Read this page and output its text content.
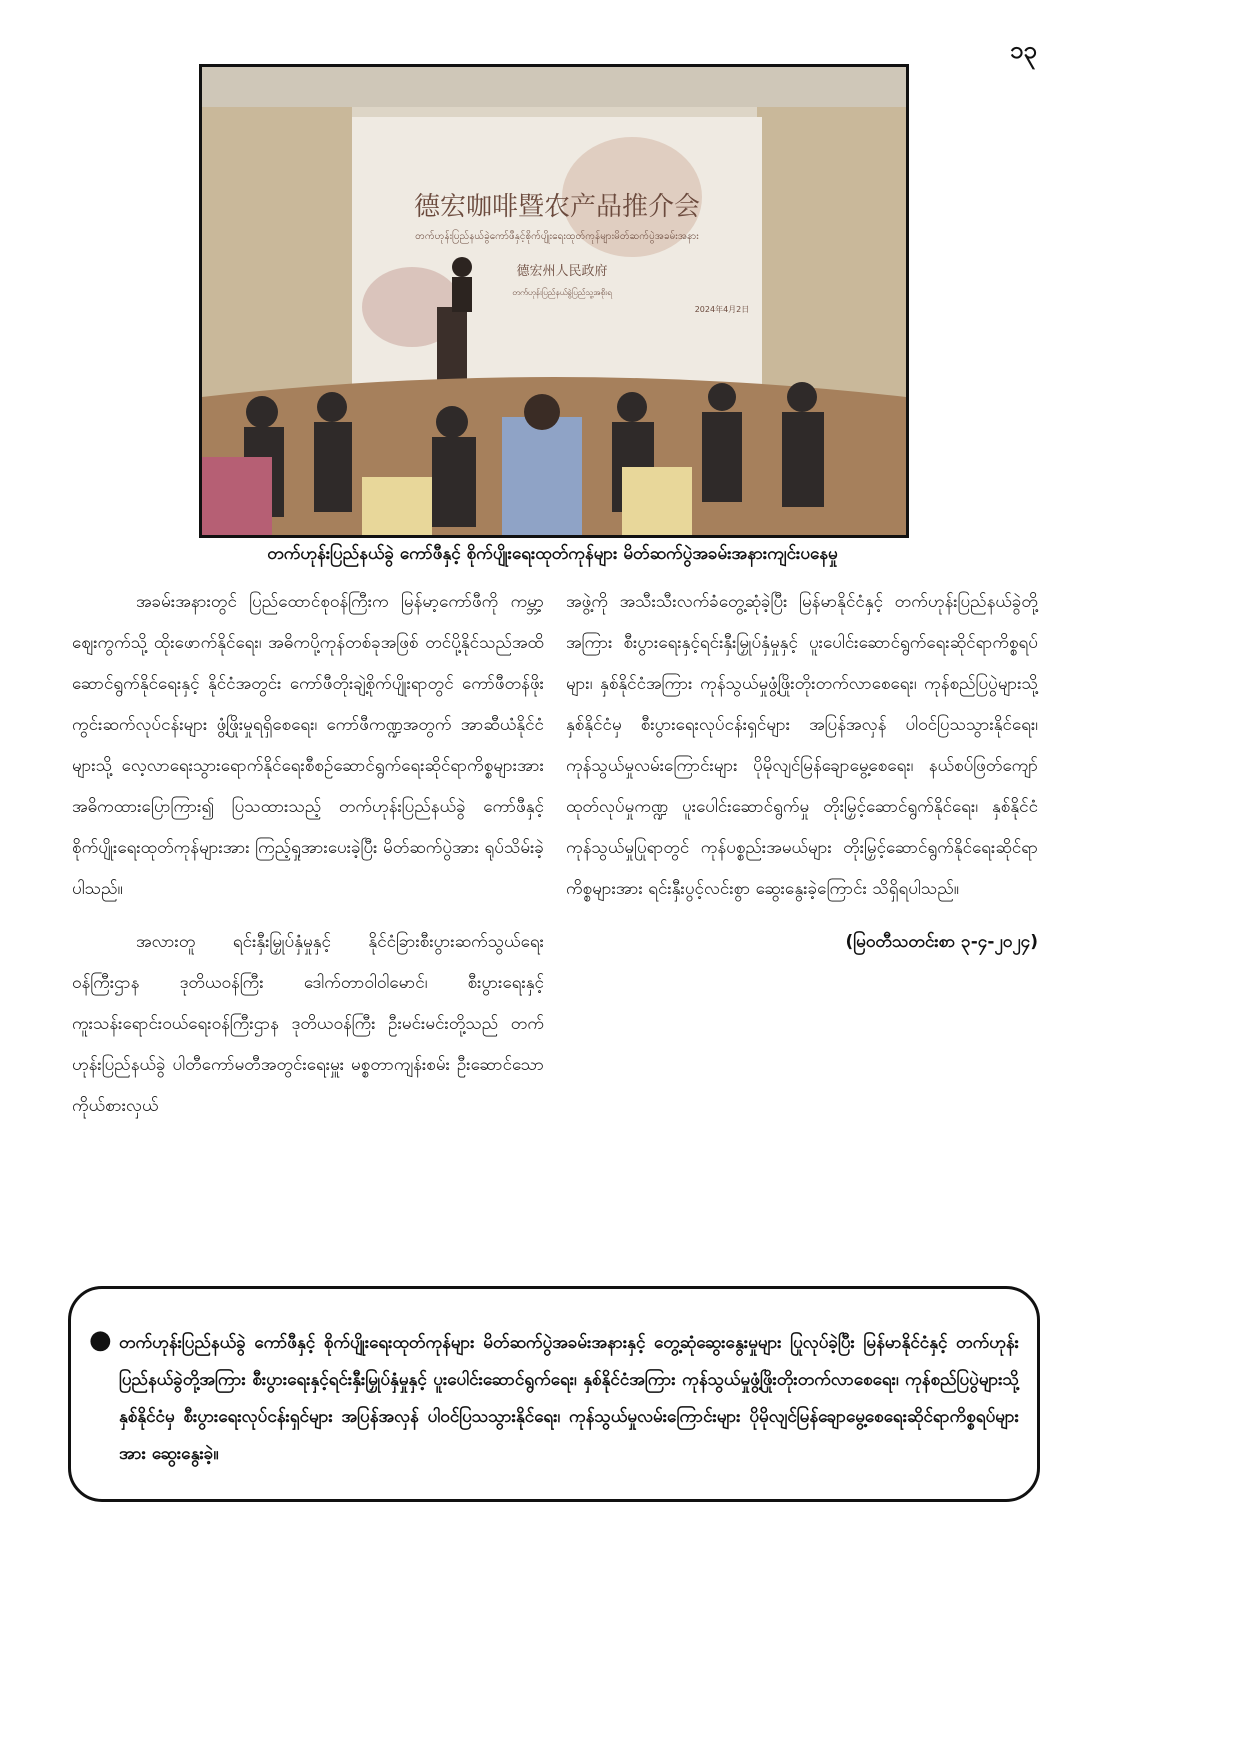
၁၃
德宏咖啡暨农产品推介会
တက်ဟုန်းပြည်နယ်ခွဲကော်ဖီနှင့်စိုက်ပျိုးရေးထုတ်ကုန်များမိတ်ဆက်ပွဲအခမ်းအနား
德宏州人民政府
တက်ဟုန်းပြည်နယ်ခွဲပြည်သူ့အစိုးရ
2024年4月2日
တက်ဟုန်းပြည်နယ်ခွဲ ကော်ဖီနှင့် စိုက်ပျိုးရေးထုတ်ကုန်များ မိတ်ဆက်ပွဲအခမ်းအနားကျင်းပနေမှု

အခမ်းအနားတွင် ပြည်ထောင်စုဝန်ကြီးက မြန်မာ့ကော်ဖီကို ကမ္ဘာ့ဈေးကွက်သို့ ထိုးဖောက်နိုင်ရေး၊ အဓိကပို့ကုန်တစ်ခုအဖြစ် တင်ပို့နိုင်သည်အထိ ဆောင်ရွက်နိုင်ရေးနှင့် နိုင်ငံအတွင်း ကော်ဖီတိုးချဲ့စိုက်ပျိုးရာတွင် ကော်ဖီတန်ဖိုး ကွင်းဆက်လုပ်ငန်းများ ဖွံ့ဖြိုးမှုရရှိစေရေး၊ ကော်ဖီကဏ္ဍအတွက် အာဆီယံနိုင်ငံများသို့ လေ့လာရေးသွားရောက်နိုင်ရေးစီစဉ်ဆောင်ရွက်ရေးဆိုင်ရာကိစ္စများအား အဓိကထားပြောကြား၍ ပြသထားသည့် တက်ဟုန်းပြည်နယ်ခွဲ ကော်ဖီနှင့် စိုက်ပျိုးရေးထုတ်ကုန်များအား ကြည့်ရှုအားပေးခဲ့ပြီး မိတ်ဆက်ပွဲအား ရုပ်သိမ်းခဲ့ပါသည်။

အလားတူ ရင်းနှီးမြှုပ်နှံမှုနှင့် နိုင်ငံခြားစီးပွားဆက်သွယ်ရေးဝန်ကြီးဌာန ဒုတိယဝန်ကြီး ဒေါက်တာဝါဝါမောင်၊ စီးပွားရေးနှင့် ကူးသန်းရောင်းဝယ်ရေးဝန်ကြီးဌာန ဒုတိယဝန်ကြီး ဦးမင်းမင်းတို့သည် တက်ဟုန်းပြည်နယ်ခွဲ ပါတီကော်မတီအတွင်းရေးမှူး မစ္စတာကျန်းစမ်း ဦးဆောင်သောကိုယ်စားလှယ်

အဖွဲ့ကို အသီးသီးလက်ခံတွေ့ဆုံခဲ့ပြီး မြန်မာနိုင်ငံနှင့် တက်ဟုန်းပြည်နယ်ခွဲတို့အကြား စီးပွားရေးနှင့်ရင်းနှီးမြှုပ်နှံမှုနှင့် ပူးပေါင်းဆောင်ရွက်ရေးဆိုင်ရာကိစ္စရပ်များ၊ နှစ်နိုင်ငံအကြား ကုန်သွယ်မှုဖွံ့ဖြိုးတိုးတက်လာစေရေး၊ ကုန်စည်ပြပွဲများသို့ နှစ်နိုင်ငံမှ စီးပွားရေးလုပ်ငန်းရှင်များ အပြန်အလှန် ပါဝင်ပြသသွားနိုင်ရေး၊ ကုန်သွယ်မှုလမ်းကြောင်းများ ပိုမိုလျင်မြန်ချောမွေ့စေရေး၊ နယ်စပ်ဖြတ်ကျော်ထုတ်လုပ်မှုကဏ္ဍ ပူးပေါင်းဆောင်ရွက်မှု တိုးမြှင့်ဆောင်ရွက်နိုင်ရေး၊ နှစ်နိုင်ငံကုန်သွယ်မှုပြုရာတွင် ကုန်ပစ္စည်းအမယ်များ တိုးမြှင့်ဆောင်ရွက်နိုင်ရေးဆိုင်ရာကိစ္စများအား ရင်းနှီးပွင့်လင်းစွာ ဆွေးနွေးခဲ့ကြောင်း သိရှိရပါသည်။

(မြဝတီသတင်းစာ ၃-၄-၂၀၂၄)

● တက်ဟုန်းပြည်နယ်ခွဲ ကော်ဖီနှင့် စိုက်ပျိုးရေးထုတ်ကုန်များ မိတ်ဆက်ပွဲအခမ်းအနားနှင့် တွေ့ဆုံဆွေးနွေးမှုများ ပြုလုပ်ခဲ့ပြီး မြန်မာနိုင်ငံနှင့် တက်ဟုန်းပြည်နယ်ခွဲတို့အကြား စီးပွားရေးနှင့်ရင်းနှီးမြှုပ်နှံမှုနှင့် ပူးပေါင်းဆောင်ရွက်ရေး၊ နှစ်နိုင်ငံအကြား ကုန်သွယ်မှုဖွံ့ဖြိုးတိုးတက်လာစေရေး၊ ကုန်စည်ပြပွဲများသို့ နှစ်နိုင်ငံမှ စီးပွားရေးလုပ်ငန်းရှင်များ အပြန်အလှန် ပါဝင်ပြသသွားနိုင်ရေး၊ ကုန်သွယ်မှုလမ်းကြောင်းများ ပိုမိုလျင်မြန်ချောမွေ့စေရေးဆိုင်ရာကိစ္စရပ်များအား ဆွေးနွေးခဲ့။
